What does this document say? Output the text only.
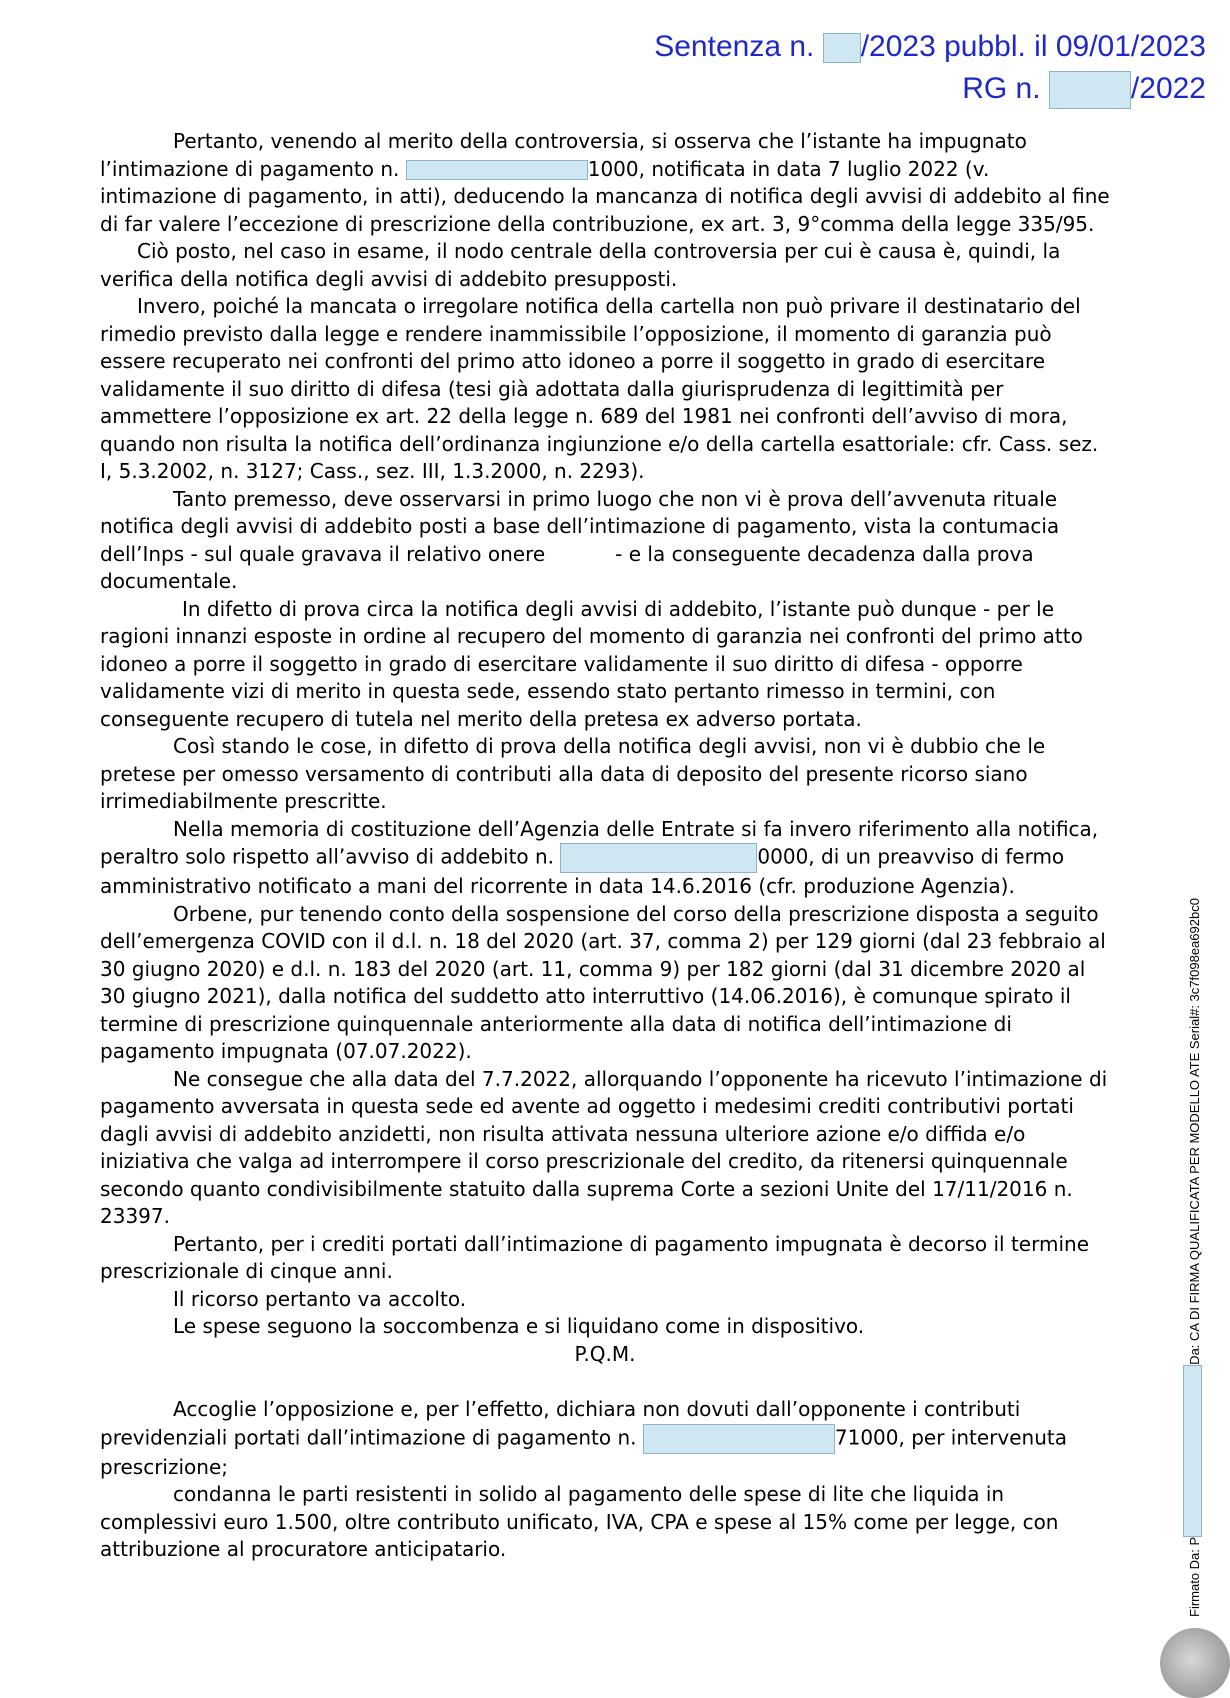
Sentenza n. /2023 pubbl. il 09/01/2023
RG n.	/2022

Pertanto, venendo al merito della controversia, si osserva che l’istante ha impugnato l’intimazione di pagamento n.	1000, notificata in data 7 luglio 2022 (v. intimazione di pagamento, in atti), deducendo la mancanza di notifica degli avvisi di addebito al fine di far valere l’eccezione di prescrizione della contribuzione, ex art. 3, 9°comma della legge 335/95.

Ciò posto, nel caso in esame, il nodo centrale della controversia per cui è causa è, quindi, la verifica della notifica degli avvisi di addebito presupposti.

Invero, poiché la mancata o irregolare notifica della cartella non può privare il destinatario del rimedio previsto dalla legge e rendere inammissibile l’opposizione, il momento di garanzia può essere recuperato nei confronti del primo atto idoneo a porre il soggetto in grado di esercitare validamente il suo diritto di difesa (tesi già adottata dalla giurisprudenza di legittimità per ammettere l’opposizione ex art. 22 della legge n. 689 del 1981 nei confronti dell’avviso di mora, quando non risulta la notifica dell’ordinanza ingiunzione e/o della cartella esattoriale: cfr. Cass. sez. I, 5.3.2002, n. 3127; Cass., sez. III, 1.3.2000, n. 2293).

Tanto premesso, deve osservarsi in primo luogo che non vi è prova dell’avvenuta rituale notifica degli avvisi di addebito posti a base dell’intimazione di pagamento, vista la contumacia dell’Inps - sul quale gravava il relativo onere	- e la conseguente decadenza dalla prova documentale.

In difetto di prova circa la notifica degli avvisi di addebito, l’istante può dunque - per le ragioni innanzi esposte in ordine al recupero del momento di garanzia nei confronti del primo atto idoneo a porre il soggetto in grado di esercitare validamente il suo diritto di difesa - opporre validamente vizi di merito in questa sede, essendo stato pertanto rimesso in termini, con conseguente recupero di tutela nel merito della pretesa ex adverso portata.

Così stando le cose, in difetto di prova della notifica degli avvisi, non vi è dubbio che le pretese per omesso versamento di contributi alla data di deposito del presente ricorso siano irrimediabilmente prescritte.

Nella memoria di costituzione dell’Agenzia delle Entrate si fa invero riferimento alla notifica, peraltro solo rispetto all’avviso di addebito n.	0000, di un preavviso di fermo amministrativo notificato a mani del ricorrente in data 14.6.2016 (cfr. produzione Agenzia).

Orbene, pur tenendo conto della sospensione del corso della prescrizione disposta a seguito dell’emergenza COVID con il d.l. n. 18 del 2020 (art. 37, comma 2) per 129 giorni (dal 23 febbraio al 30 giugno 2020) e d.l. n. 183 del 2020 (art. 11, comma 9) per 182 giorni (dal 31 dicembre 2020 al 30 giugno 2021), dalla notifica del suddetto atto interruttivo (14.06.2016), è comunque spirato il termine di prescrizione quinquennale anteriormente alla data di notifica dell’intimazione di pagamento impugnata (07.07.2022).

Ne consegue che alla data del 7.7.2022, allorquando l’opponente ha ricevuto l’intimazione di pagamento avversata in questa sede ed avente ad oggetto i medesimi crediti contributivi portati dagli avvisi di addebito anzidetti, non risulta attivata nessuna ulteriore azione e/o diffida e/o iniziativa che valga ad interrompere il corso prescrizionale del credito, da ritenersi quinquennale secondo quanto condivisibilmente statuito dalla suprema Corte a sezioni Unite del 17/11/2016 n. 23397.

Pertanto, per i crediti portati dall’intimazione di pagamento impugnata è decorso il termine prescrizionale di cinque anni.

Il ricorso pertanto va accolto.

Le spese seguono la soccombenza e si liquidano come in dispositivo.

P.Q.M.

Accoglie l’opposizione e, per l’effetto, dichiara non dovuti dall’opponente i contributi previdenziali portati dall’intimazione di pagamento n.	71000, per intervenuta prescrizione;

condanna le parti resistenti in solido al pagamento delle spese di lite che liquida in complessivi euro 1.500, oltre contributo unificato, IVA, CPA e spese al 15% come per legge, con attribuzione al procuratore anticipatario.	Firmato Da: PDa: CA DI FIRMA QUALIFICATA PER MODELLO ATE Serial#: 3c7f098ea692bc0
